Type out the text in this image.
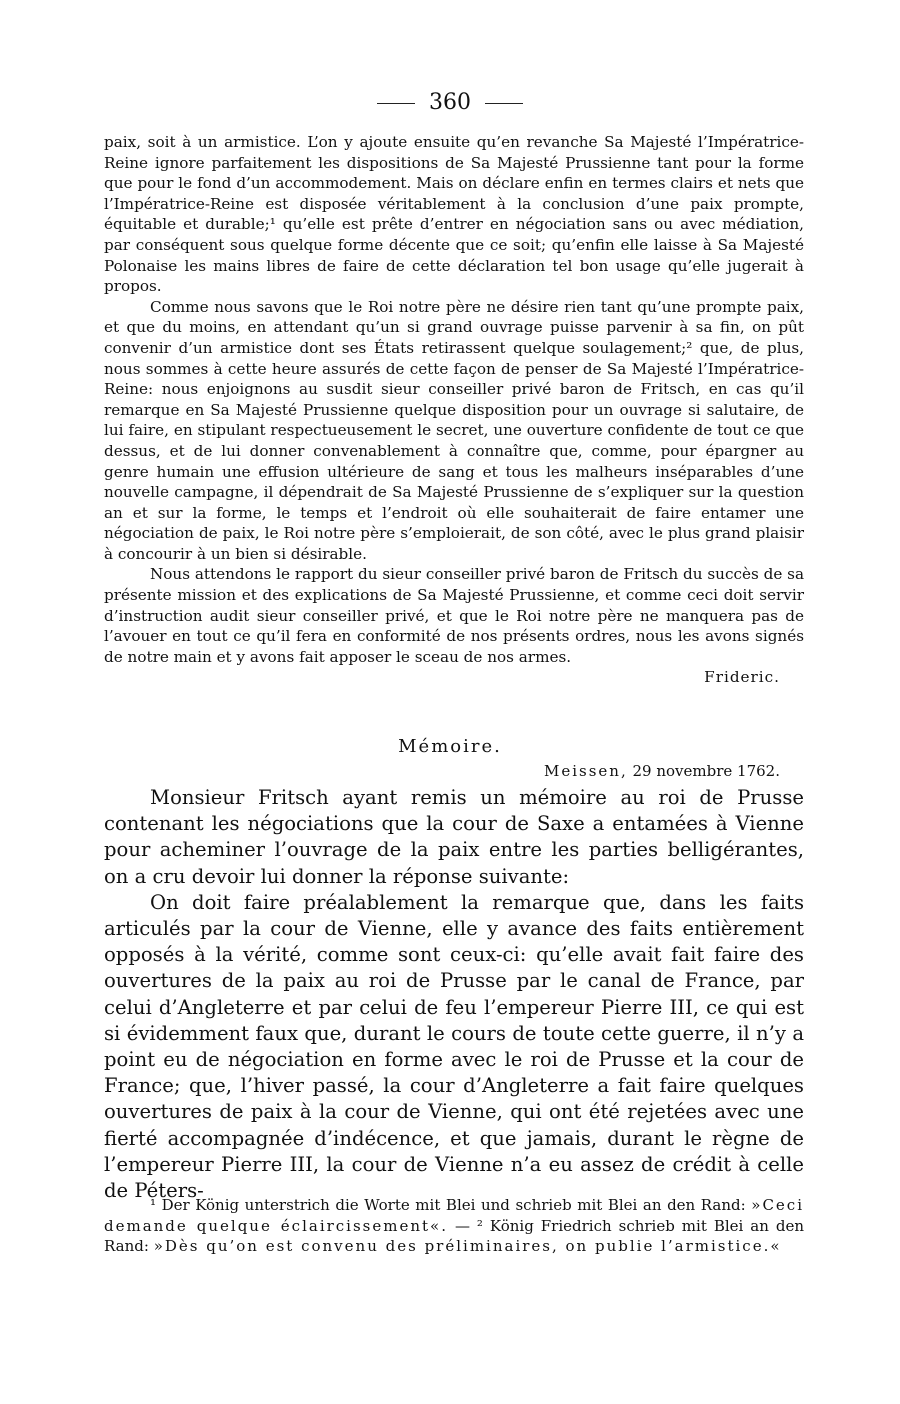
360

paix, soit à un armistice. L’on y ajoute ensuite qu’en revanche Sa Majesté l’Impératrice-Reine ignore parfaitement les dispositions de Sa Majesté Prussienne tant pour la forme que pour le fond d’un accommodement. Mais on déclare enfin en termes clairs et nets que l’Impératrice-Reine est disposée véritablement à la conclusion d’une paix prompte, équitable et durable;¹ qu’elle est prête d’entrer en négociation sans ou avec médiation, par conséquent sous quelque forme décente que ce soit; qu’enfin elle laisse à Sa Majesté Polonaise les mains libres de faire de cette déclaration tel bon usage qu’elle jugerait à propos.

Comme nous savons que le Roi notre père ne désire rien tant qu’une prompte paix, et que du moins, en attendant qu’un si grand ouvrage puisse parvenir à sa fin, on pût convenir d’un armistice dont ses États retirassent quelque soulagement;² que, de plus, nous sommes à cette heure assurés de cette façon de penser de Sa Majesté l’Impératrice-Reine: nous enjoignons au susdit sieur conseiller privé baron de Fritsch, en cas qu’il remarque en Sa Majesté Prussienne quelque disposition pour un ouvrage si salutaire, de lui faire, en stipulant respectueusement le secret, une ouverture confidente de tout ce que dessus, et de lui donner convenablement à connaître que, comme, pour épargner au genre humain une effusion ultérieure de sang et tous les malheurs inséparables d’une nouvelle campagne, il dépendrait de Sa Majesté Prussienne de s’expliquer sur la question an et sur la forme, le temps et l’endroit où elle souhaiterait de faire entamer une négociation de paix, le Roi notre père s’emploierait, de son côté, avec le plus grand plaisir à concourir à un bien si désirable.

Nous attendons le rapport du sieur conseiller privé baron de Fritsch du succès de sa présente mission et des explications de Sa Majesté Prussienne, et comme ceci doit servir d’instruction audit sieur conseiller privé, et que le Roi notre père ne manquera pas de l’avouer en tout ce qu’il fera en conformité de nos présents ordres, nous les avons signés de notre main et y avons fait apposer le sceau de nos armes.

Frideric.
Mémoire.
Meissen, 29 novembre 1762.

Monsieur Fritsch ayant remis un mémoire au roi de Prusse contenant les négociations que la cour de Saxe a entamées à Vienne pour acheminer l’ouvrage de la paix entre les parties belligérantes, on a cru devoir lui donner la réponse suivante:

On doit faire préalablement la remarque que, dans les faits articulés par la cour de Vienne, elle y avance des faits entièrement opposés à la vérité, comme sont ceux-ci: qu’elle avait fait faire des ouvertures de la paix au roi de Prusse par le canal de France, par celui d’Angleterre et par celui de feu l’empereur Pierre III, ce qui est si évidemment faux que, durant le cours de toute cette guerre, il n’y a point eu de négociation en forme avec le roi de Prusse et la cour de France; que, l’hiver passé, la cour d’Angleterre a fait faire quelques ouvertures de paix à la cour de Vienne, qui ont été rejetées avec une fierté accompagnée d’indécence, et que jamais, durant le règne de l’empereur Pierre III, la cour de Vienne n’a eu assez de crédit à celle de Péters-

¹ Der König unterstrich die Worte mit Blei und schrieb mit Blei an den Rand: »Ceci demande quelque éclaircissement«. — ² König Friedrich schrieb mit Blei an den Rand: »Dès qu’on est convenu des préliminaires, on publie l’armistice.«
